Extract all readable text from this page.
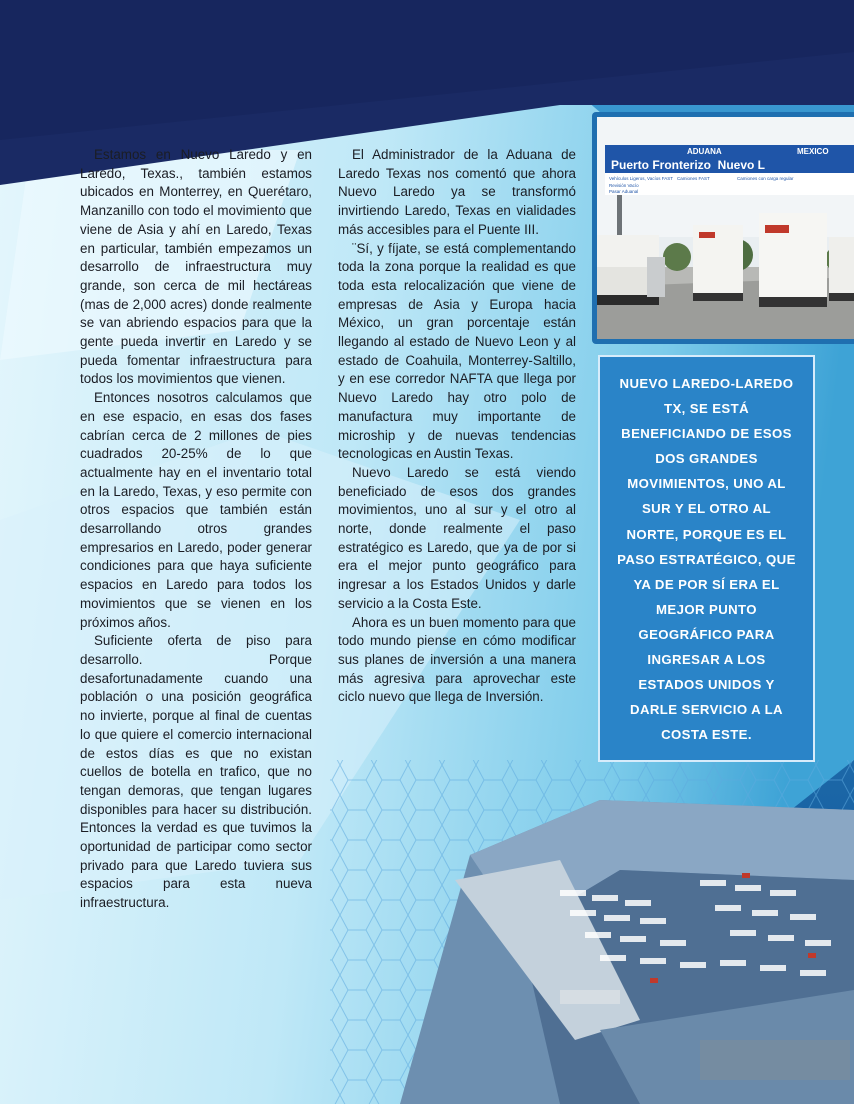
Estamos en Nuevo Laredo y en Laredo, Texas., también estamos ubicados en Monterrey, en Querétaro, Manzanillo con todo el movimiento que viene de Asia y ahí en Laredo, Texas en particular, también empezamos un desarrollo de infraestructura muy grande, son cerca de mil hectáreas (mas de 2,000 acres) donde realmente se van abriendo espacios para que la gente pueda invertir en Laredo y se pueda fomentar infraestructura para todos los movimientos que vienen.

Entonces nosotros calculamos que en ese espacio, en esas dos fases cabrían cerca de 2 millones de pies cuadrados 20-25% de lo que actualmente hay en el inventario total en la Laredo, Texas, y eso permite con otros espacios que también están desarrollando otros grandes empresarios en Laredo, poder generar condiciones para que haya suficiente espacios en Laredo para todos los movimientos que se vienen en los próximos años.

Suficiente oferta de piso para desarrollo. Porque desafortunadamente cuando una población o una posición geográfica no invierte, porque al final de cuentas lo que quiere el comercio internacional de estos días es que no existan cuellos de botella en trafico, que no tengan demoras, que tengan lugares disponibles para hacer su distribución. Entonces la verdad es que tuvimos la oportunidad de participar como sector privado para que Laredo tuviera sus espacios para esta nueva infraestructura.

El Administrador de la Aduana de Laredo Texas nos comentó que ahora Nuevo Laredo ya se transformó invirtiendo Laredo, Texas en vialidades más accesibles para el Puente III.

¨Sí, y fíjate, se está complementando toda la zona porque la realidad es que toda esta relocalización que viene de empresas de Asia y Europa hacia México, un gran porcentaje están llegando al estado de Nuevo Leon y al estado de Coahuila, Monterrey-Saltillo, y en ese corredor NAFTA que llega por Nuevo Laredo hay otro polo de manufactura muy importante de microship y de nuevas tendencias tecnologicas en Austin Texas.

Nuevo Laredo se está viendo beneficiado de esos dos grandes movimientos, uno al sur y el otro al norte, donde realmente el paso estratégico es Laredo, que ya de por si era el mejor punto geográfico para ingresar a los Estados Unidos y darle servicio a la Costa Este.

Ahora es un buen momento para que todo mundo piense en cómo modificar sus planes de inversión a una manera más agresiva para aprovechar este ciclo nuevo que llega de Inversión.

ADUANA	MEXICO
Puerto Fronterizo  Nuevo L
Vehículos Ligeros, Vacíos FAST Camiones FAST	Camiones con carga regular
Revisión Vacío
Pasar Aduanal
NUEVO LAREDO-LAREDO
TX, SE ESTÁ
BENEFICIANDO DE ESOS
DOS GRANDES
MOVIMIENTOS, UNO AL
SUR Y EL OTRO AL
NORTE, PORQUE ES EL
PASO ESTRATÉGICO, QUE
YA DE POR SÍ ERA EL
MEJOR PUNTO
GEOGRÁFICO PARA
INGRESAR A LOS
ESTADOS UNIDOS Y
DARLE SERVICIO A LA
COSTA ESTE.
